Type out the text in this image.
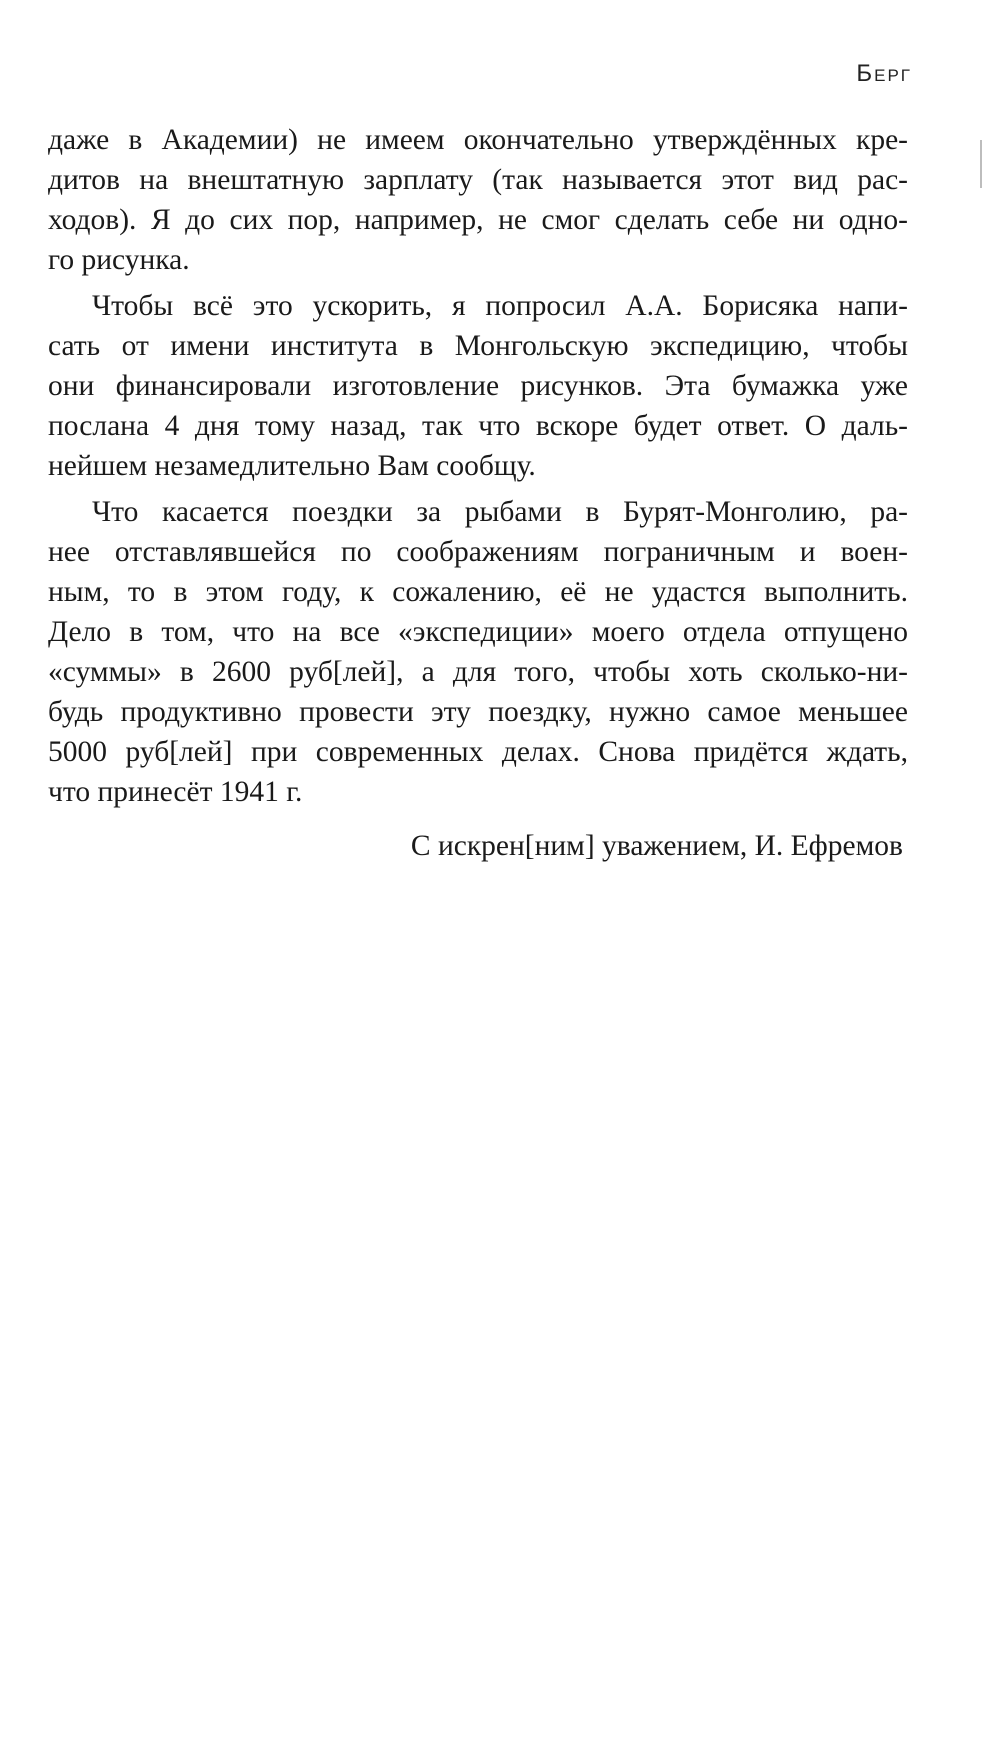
Берг
даже в Академии) не имеем окончательно утверждённых кре-
дитов на внештатную зарплату (так называется этот вид рас-
ходов). Я до сих пор, например, не смог сделать себе ни одно-
го рисунка.
Чтобы всё это ускорить, я попросил А.А. Борисяка напи-
сать от имени института в Монгольскую экспедицию, чтобы
они финансировали изготовление рисунков. Эта бумажка уже
послана 4 дня тому назад, так что вскоре будет ответ. О даль-
нейшем незамедлительно Вам сообщу.
Что касается поездки за рыбами в Бурят-Монголию, ра-
нее отставлявшейся по соображениям пограничным и воен-
ным, то в этом году, к сожалению, её не удастся выполнить.
Дело в том, что на все «экспедиции» моего отдела отпущено
«суммы» в 2600 руб[лей], а для того, чтобы хоть сколько-ни-
будь продуктивно провести эту поездку, нужно самое меньшее
5000 руб[лей] при современных делах. Снова придётся ждать,
что принесёт 1941 г.
С искрен[ним] уважением, И. Ефремов
